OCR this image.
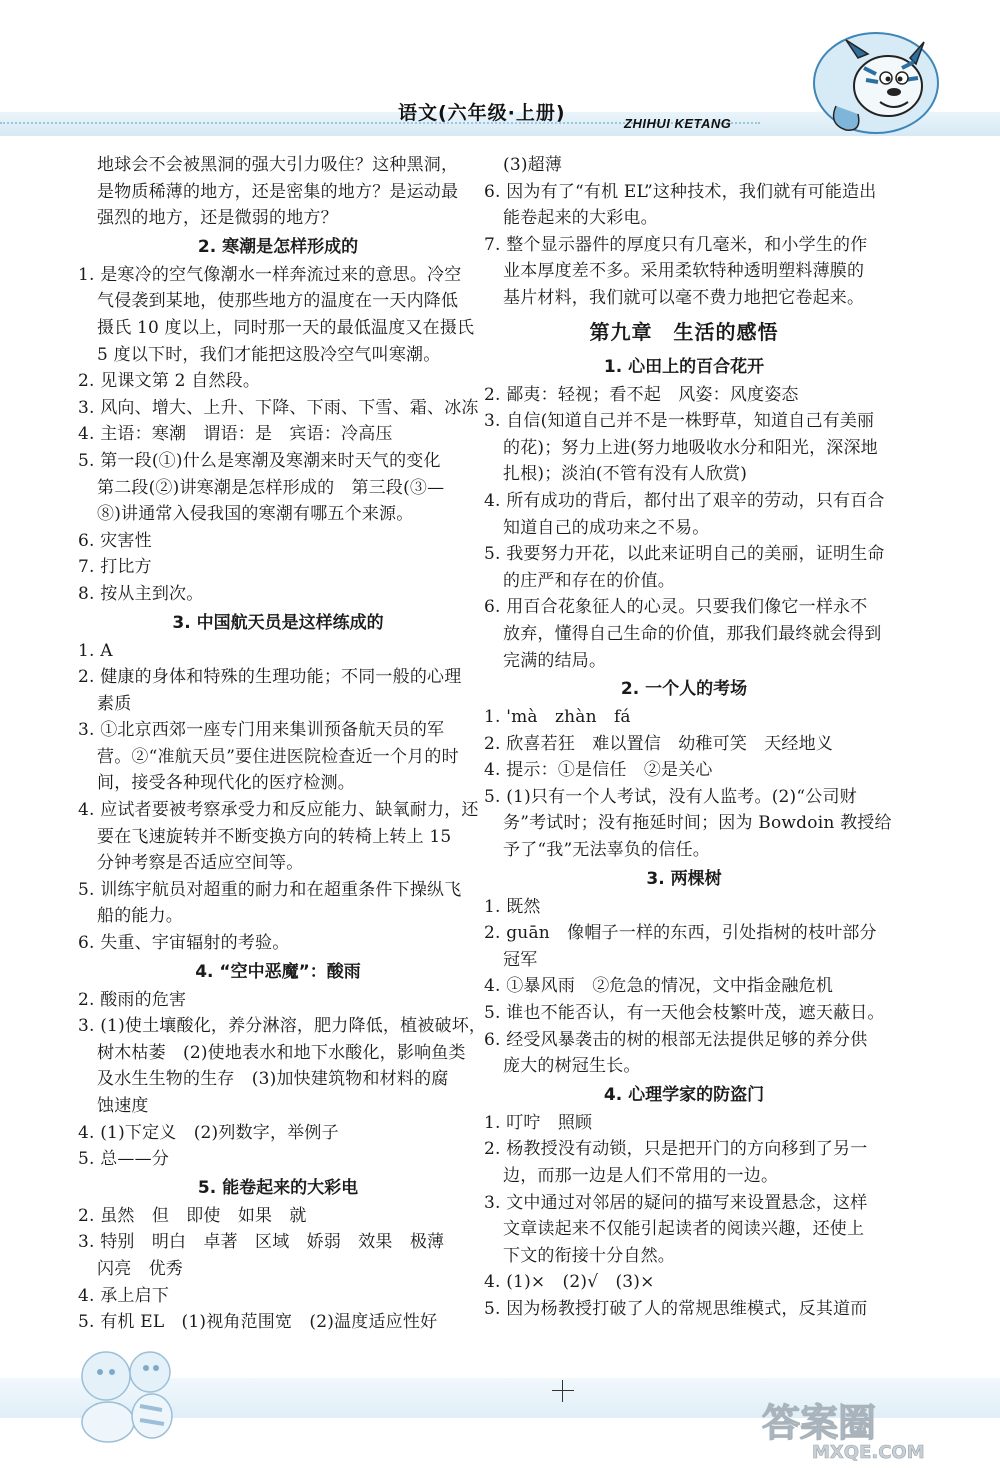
语文(六年级·上册)	ZHIHUI KETANG
地球会不会被黑洞的强大引力吸住？这种黑洞，
是物质稀薄的地方，还是密集的地方？是运动最
强烈的地方，还是微弱的地方？
2. 寒潮是怎样形成的
1. 是寒冷的空气像潮水一样奔流过来的意思。冷空
气侵袭到某地，使那些地方的温度在一天内降低
摄氏 10 度以上，同时那一天的最低温度又在摄氏
5 度以下时，我们才能把这股冷空气叫寒潮。
2. 见课文第 2 自然段。
3. 风向、增大、上升、下降、下雨、下雪、霜、冰冻
4. 主语：寒潮　谓语：是　宾语：冷高压
5. 第一段(①)什么是寒潮及寒潮来时天气的变化
第二段(②)讲寒潮是怎样形成的　第三段(③—
⑧)讲通常入侵我国的寒潮有哪五个来源。
6. 灾害性
7. 打比方
8. 按从主到次。
3. 中国航天员是这样练成的
1. A
2. 健康的身体和特殊的生理功能；不同一般的心理
素质
3. ①北京西郊一座专门用来集训预备航天员的军
营。②“准航天员”要住进医院检查近一个月的时
间，接受各种现代化的医疗检测。
4. 应试者要被考察承受力和反应能力、缺氧耐力，还
要在飞速旋转并不断变换方向的转椅上转上 15
分钟考察是否适应空间等。
5. 训练宇航员对超重的耐力和在超重条件下操纵飞
船的能力。
6. 失重、宇宙辐射的考验。
4. “空中恶魔”：酸雨
2. 酸雨的危害
3. (1)使土壤酸化，养分淋溶，肥力降低，植被破坏，
树木枯萎　(2)使地表水和地下水酸化，影响鱼类
及水生生物的生存　(3)加快建筑物和材料的腐
蚀速度
4. (1)下定义　(2)列数字，举例子
5. 总——分
5. 能卷起来的大彩电
2. 虽然　但　即使　如果　就
3. 特别　明白　卓著　区域　娇弱　效果　极薄
闪亮　优秀
4. 承上启下
5. 有机 EL　(1)视角范围宽　(2)温度适应性好
(3)超薄
6. 因为有了“有机 EL”这种技术，我们就有可能造出
能卷起来的大彩电。
7. 整个显示器件的厚度只有几毫米，和小学生的作
业本厚度差不多。采用柔软特种透明塑料薄膜的
基片材料，我们就可以毫不费力地把它卷起来。
第九章　生活的感悟
1. 心田上的百合花开
2. 鄙夷：轻视；看不起　风姿：风度姿态
3. 自信(知道自己并不是一株野草，知道自己有美丽
的花)；努力上进(努力地吸收水分和阳光，深深地
扎根)；淡泊(不管有没有人欣赏)
4. 所有成功的背后，都付出了艰辛的劳动，只有百合
知道自己的成功来之不易。
5. 我要努力开花，以此来证明自己的美丽，证明生命
的庄严和存在的价值。
6. 用百合花象征人的心灵。只要我们像它一样永不
放弃，懂得自己生命的价值，那我们最终就会得到
完满的结局。
2. 一个人的考场
1. 'mà　zhàn　fá
2. 欣喜若狂　难以置信　幼稚可笑　天经地义
4. 提示：①是信任　②是关心
5. (1)只有一个人考试，没有人监考。(2)“公司财
务”考试时；没有拖延时间；因为 Bowdoin 教授给
予了“我”无法辜负的信任。
3. 两棵树
1. 既然
2. guān　像帽子一样的东西，引处指树的枝叶部分
冠军
4. ①暴风雨　②危急的情况，文中指金融危机
5. 谁也不能否认，有一天他会枝繁叶茂，遮天蔽日。
6. 经受风暴袭击的树的根部无法提供足够的养分供
庞大的树冠生长。
4. 心理学家的防盗门
1. 叮咛　照顾
2. 杨教授没有动锁，只是把开门的方向移到了另一
边，而那一边是人们不常用的一边。
3. 文中通过对邻居的疑问的描写来设置悬念，这样
文章读起来不仅能引起读者的阅读兴趣，还使上
下文的衔接十分自然。
4. (1)×　(2)√　(3)×
5. 因为杨教授打破了人的常规思维模式，反其道而
答案圈
MXQE.COM
